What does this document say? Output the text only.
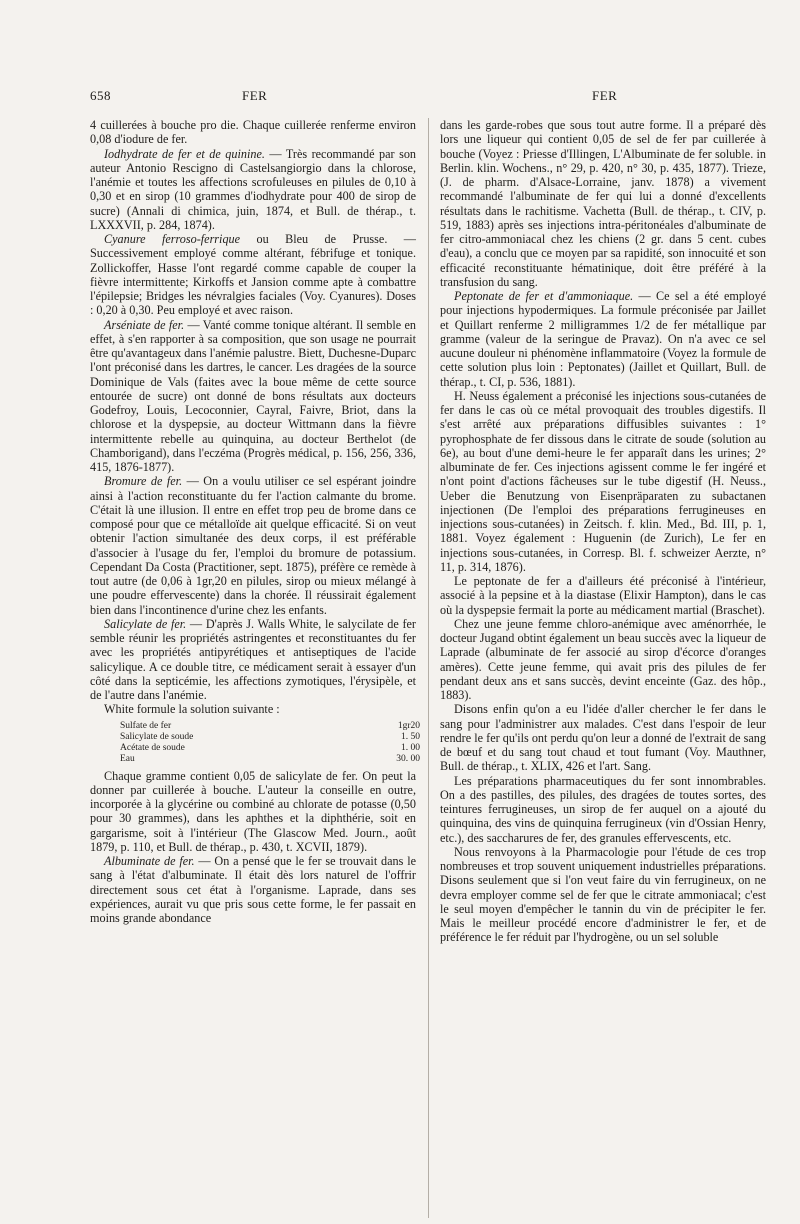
658	FER	FER

4 cuillerées à bouche pro die. Chaque cuillerée renferme environ 0,08 d'iodure de fer.

Iodhydrate de fer et de quinine. — Très recommandé par son auteur Antonio Rescigno di Castelsangiorgio dans la chlorose, l'anémie et toutes les affections scrofuleuses en pilules de 0,10 à 0,30 et en sirop (10 grammes d'iodhydrate pour 400 de sirop de sucre) (Annali di chimica, juin, 1874, et Bull. de thérap., t. LXXXVII, p. 284, 1874).

Cyanure ferroso-ferrique ou Bleu de Prusse. — Successivement employé comme altérant, fébrifuge et tonique. Zollickoffer, Hasse l'ont regardé comme capable de couper la fièvre intermittente; Kirkoffs et Jansion comme apte à combattre l'épilepsie; Bridges les névralgies faciales (Voy. Cyanures). Doses : 0,20 à 0,30. Peu employé et avec raison.

Arséniate de fer. — Vanté comme tonique altérant. Il semble en effet, à s'en rapporter à sa composition, que son usage ne pourrait être qu'avantageux dans l'anémie palustre. Biett, Duchesne-Duparc l'ont préconisé dans les dartres, le cancer. Les dragées de la source Dominique de Vals (faites avec la boue même de cette source entourée de sucre) ont donné de bons résultats aux docteurs Godefroy, Louis, Lecoconnier, Cayral, Faivre, Briot, dans la chlorose et la dyspepsie, au docteur Wittmann dans la fièvre intermittente rebelle au quinquina, au docteur Berthelot (de Chamborigand), dans l'eczéma (Progrès médical, p. 156, 256, 336, 415, 1876-1877).

Bromure de fer. — On a voulu utiliser ce sel espérant joindre ainsi à l'action reconstituante du fer l'action calmante du brome. C'était là une illusion. Il entre en effet trop peu de brome dans ce composé pour que ce métalloïde ait quelque efficacité. Si on veut obtenir l'action simultanée des deux corps, il est préférable d'associer à l'usage du fer, l'emploi du bromure de potassium. Cependant Da Costa (Practitioner, sept. 1875), préfère ce remède à tout autre (de 0,06 à 1gr,20 en pilules, sirop ou mieux mélangé à une poudre effervescente) dans la chorée. Il réussirait également bien dans l'incontinence d'urine chez les enfants.

Salicylate de fer. — D'après J. Walls White, le salycilate de fer semble réunir les propriétés astringentes et reconstituantes du fer avec les propriétés antipyrétiques et antiseptiques de l'acide salicylique. A ce double titre, ce médicament serait à essayer d'un côté dans la septicémie, les affections zymotiques, l'érysipèle, et de l'autre dans l'anémie.

White formule la solution suivante :

Sulfate de fer	1gr20
Salicylate de soude	1. 50
Acétate de soude	1. 00
Eau	30. 00

Chaque gramme contient 0,05 de salicylate de fer. On peut la donner par cuillerée à bouche. L'auteur la conseille en outre, incorporée à la glycérine ou combiné au chlorate de potasse (0,50 pour 30 grammes), dans les aphthes et la diphthérie, soit en gargarisme, soit à l'intérieur (The Glascow Med. Journ., août 1879, p. 110, et Bull. de thérap., p. 430, t. XCVII, 1879).

Albuminate de fer. — On a pensé que le fer se trouvait dans le sang à l'état d'albuminate. Il était dès lors naturel de l'offrir directement sous cet état à l'organisme. Laprade, dans ses expériences, aurait vu que pris sous cette forme, le fer passait en moins grande abondance

dans les garde-robes que sous tout autre forme. Il a préparé dès lors une liqueur qui contient 0,05 de sel de fer par cuillerée à bouche (Voyez : Priesse d'Illingen, L'Albuminate de fer soluble. in Berlin. klin. Wochens., n° 29, p. 420, n° 30, p. 435, 1877). Trieze, (J. de pharm. d'Alsace-Lorraine, janv. 1878) a vivement recommandé l'albuminate de fer qui lui a donné d'excellents résultats dans le rachitisme. Vachetta (Bull. de thérap., t. CIV, p. 519, 1883) après ses injections intra-péritonéales d'albuminate de fer citro-ammoniacal chez les chiens (2 gr. dans 5 cent. cubes d'eau), a conclu que ce moyen par sa rapidité, son innocuité et son efficacité reconstituante hématinique, doit être préféré à la transfusion du sang.

Peptonate de fer et d'ammoniaque. — Ce sel a été employé pour injections hypodermiques. La formule préconisée par Jaillet et Quillart renferme 2 milligrammes 1/2 de fer métallique par gramme (valeur de la seringue de Pravaz). On n'a avec ce sel aucune douleur ni phénomène inflammatoire (Voyez la formule de cette solution plus loin : Peptonates) (Jaillet et Quillart, Bull. de thérap., t. CI, p. 536, 1881).

H. Neuss également a préconisé les injections sous-cutanées de fer dans le cas où ce métal provoquait des troubles digestifs. Il s'est arrêté aux préparations diffusibles suivantes : 1° pyrophosphate de fer dissous dans le citrate de soude (solution au 6e), au bout d'une demi-heure le fer apparaît dans les urines; 2° albuminate de fer. Ces injections agissent comme le fer ingéré et n'ont point d'actions fâcheuses sur le tube digestif (H. Neuss., Ueber die Benutzung von Eisenpräparaten zu subactanen injectionen (De l'emploi des préparations ferrugineuses en injections sous-cutanées) in Zeitsch. f. klin. Med., Bd. III, p. 1, 1881. Voyez également : Huguenin (de Zurich), Le fer en injections sous-cutanées, in Corresp. Bl. f. schweizer Aerzte, n° 11, p. 314, 1876).

Le peptonate de fer a d'ailleurs été préconisé à l'intérieur, associé à la pepsine et à la diastase (Elixir Hampton), dans le cas où la dyspepsie fermait la porte au médicament martial (Braschet).

Chez une jeune femme chloro-anémique avec aménorrhée, le docteur Jugand obtint également un beau succès avec la liqueur de Laprade (albuminate de fer associé au sirop d'écorce d'oranges amères). Cette jeune femme, qui avait pris des pilules de fer pendant deux ans et sans succès, devint enceinte (Gaz. des hôp., 1883).

Disons enfin qu'on a eu l'idée d'aller chercher le fer dans le sang pour l'administrer aux malades. C'est dans l'espoir de leur rendre le fer qu'ils ont perdu qu'on leur a donné de l'extrait de sang de bœuf et du sang tout chaud et tout fumant (Voy. Mauthner, Bull. de thérap., t. XLIX, 426 et l'art. Sang.

Les préparations pharmaceutiques du fer sont innombrables. On a des pastilles, des pilules, des dragées de toutes sortes, des teintures ferrugineuses, un sirop de fer auquel on a ajouté du quinquina, des vins de quinquina ferrugineux (vin d'Ossian Henry, etc.), des saccharures de fer, des granules effervescents, etc.

Nous renvoyons à la Pharmacologie pour l'étude de ces trop nombreuses et trop souvent uniquement industrielles préparations. Disons seulement que si l'on veut faire du vin ferrugineux, on ne devra employer comme sel de fer que le citrate ammoniacal; c'est le seul moyen d'empêcher le tannin du vin de précipiter le fer. Mais le meilleur procédé encore d'administrer le fer, et de préférence le fer réduit par l'hydrogène, ou un sel soluble
